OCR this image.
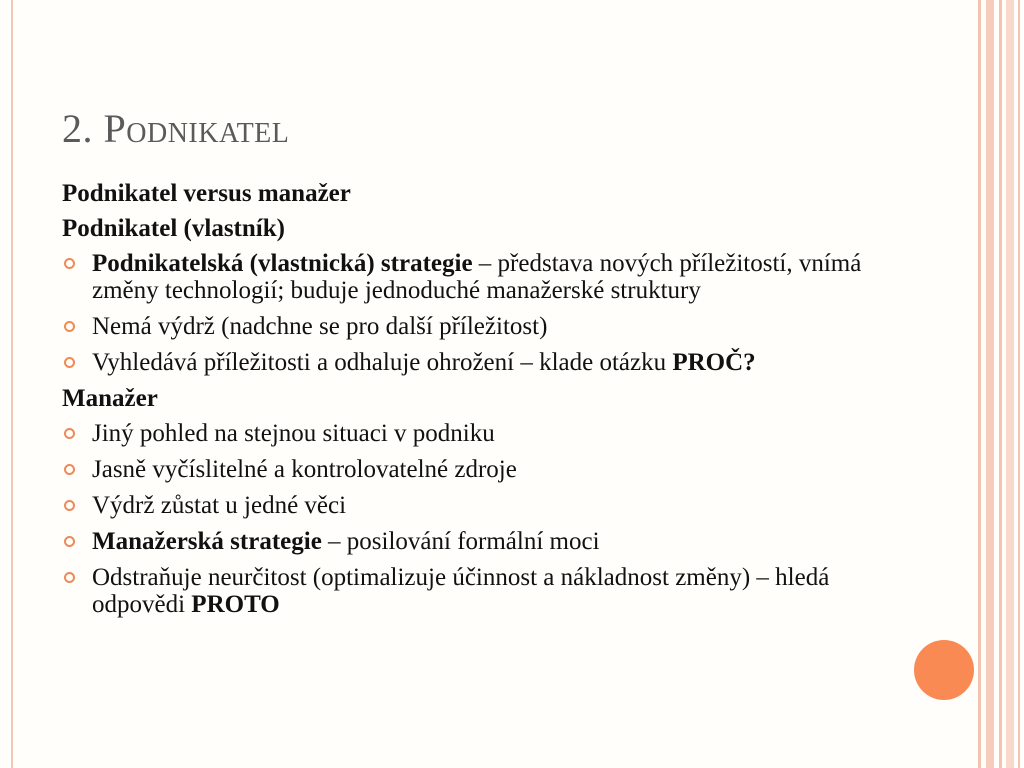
2. Podnikatel
Podnikatel versus manažer
Podnikatel (vlastník)
Podnikatelská (vlastnická) strategie – představa nových příležitostí, vnímá změny technologií; buduje jednoduché manažerské struktury
Nemá výdrž (nadchne se pro další příležitost)
Vyhledává příležitosti a odhaluje ohrožení – klade otázku PROČ?
Manažer
Jiný pohled na stejnou situaci v podniku
Jasně vyčíslitelné a kontrolovatelné zdroje
Výdrž zůstat u jedné věci
Manažerská strategie – posilování formální moci
Odstraňuje neurčitost (optimalizuje účinnost a nákladnost změny) – hledá odpovědi PROTO
